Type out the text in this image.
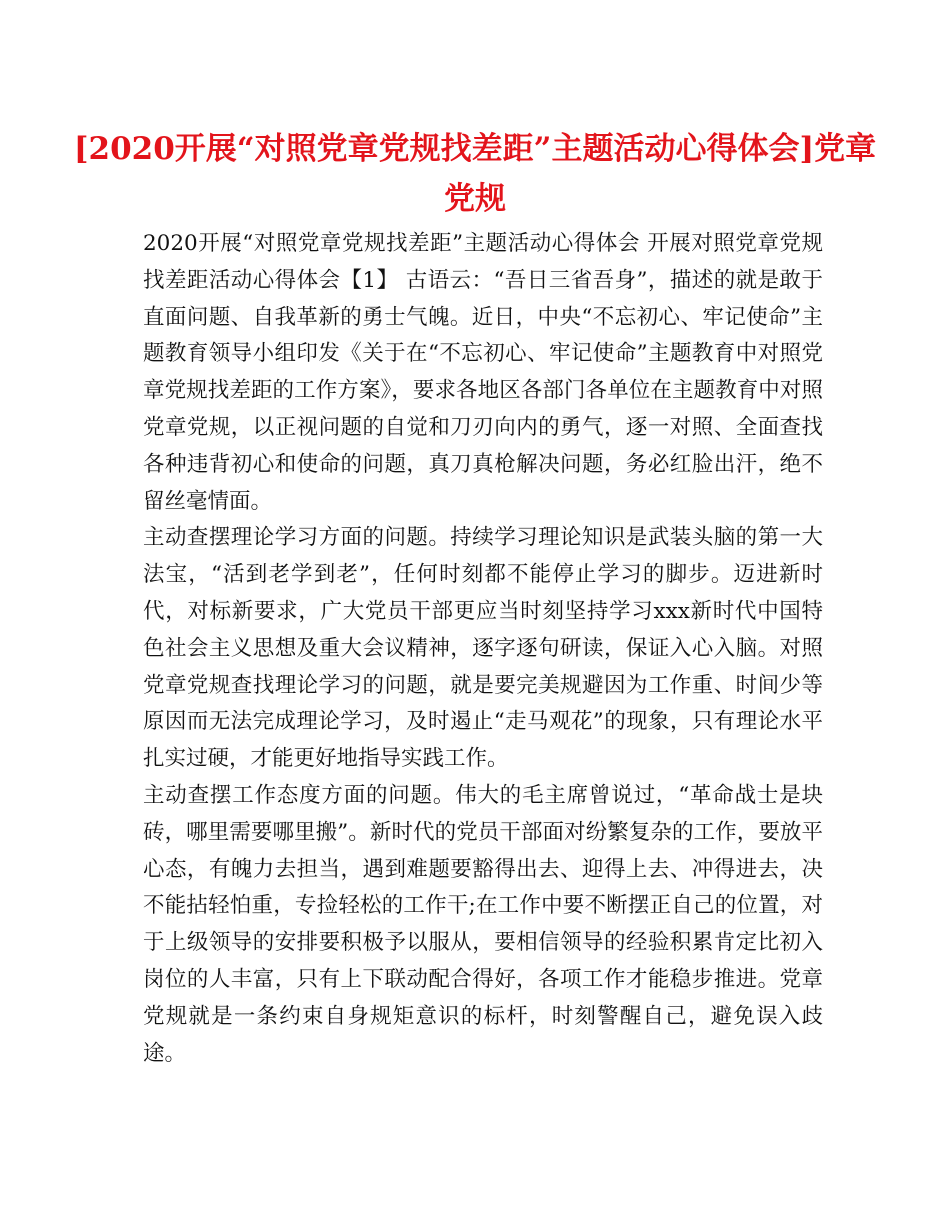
[2020开展“对照党章党规找差距”主题活动心得体会]党章党规

2020开展“对照党章党规找差距”主题活动心得体会 开展对照党章党规找差距活动心得体会【1】 古语云：“吾日三省吾身”，描述的就是敢于直面问题、自我革新的勇士气魄。近日，中央“不忘初心、牢记使命”主题教育领导小组印发《关于在“不忘初心、牢记使命”主题教育中对照党章党规找差距的工作方案》，要求各地区各部门各单位在主题教育中对照党章党规，以正视问题的自觉和刀刃向内的勇气，逐一对照、全面查找各种违背初心和使命的问题，真刀真枪解决问题，务必红脸出汗，绝不留丝毫情面。

主动查摆理论学习方面的问题。持续学习理论知识是武装头脑的第一大法宝，“活到老学到老”，任何时刻都不能停止学习的脚步。迈进新时代，对标新要求，广大党员干部更应当时刻坚持学习xxx新时代中国特色社会主义思想及重大会议精神，逐字逐句研读，保证入心入脑。对照党章党规查找理论学习的问题，就是要完美规避因为工作重、时间少等原因而无法完成理论学习，及时遏止“走马观花”的现象，只有理论水平扎实过硬，才能更好地指导实践工作。

主动查摆工作态度方面的问题。伟大的毛主席曾说过，“革命战士是块砖，哪里需要哪里搬”。新时代的党员干部面对纷繁复杂的工作，要放平心态，有魄力去担当，遇到难题要豁得出去、迎得上去、冲得进去，决不能拈轻怕重，专捡轻松的工作干;在工作中要不断摆正自己的位置，对于上级领导的安排要积极予以服从，要相信领导的经验积累肯定比初入岗位的人丰富，只有上下联动配合得好，各项工作才能稳步推进。党章党规就是一条约束自身规矩意识的标杆，时刻警醒自己，避免误入歧途。
